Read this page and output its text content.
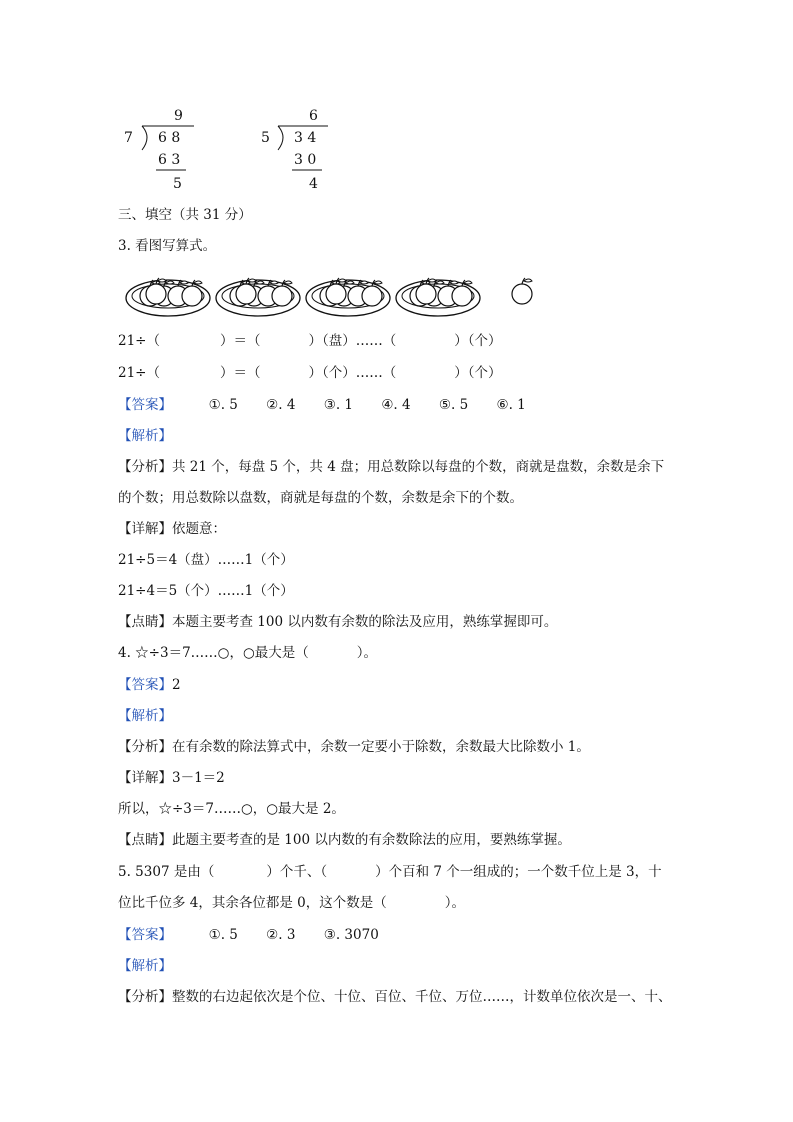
9
7 6 8
6 3
5
6
5 3 4
3 0
4
三、填空（共 31 分）
3. 看图写算式。
21÷（	）＝（	）（盘）……（	）（个）
21÷（	）＝（	）（个）……（	）（个）
【答案】	①. 5 ②. 4 ③. 1 ④. 4 ⑤. 5 ⑥. 1
【解析】
【分析】共 21 个，每盘 5 个，共 4 盘；用总数除以每盘的个数，商就是盘数，余数是余下
的个数；用总数除以盘数，商就是每盘的个数，余数是余下的个数。
【详解】依题意：
21÷5＝4（盘）……1（个）
21÷4＝5（个）……1（个）
【点睛】本题主要考查 100 以内数有余数的除法及应用，熟练掌握即可。
4. ☆÷3＝7……○，○最大是（	）。
【答案】2
【解析】
【分析】在有余数的除法算式中，余数一定要小于除数，余数最大比除数小 1。
【详解】3－1＝2
所以，☆÷3＝7……○，○最大是 2。
【点睛】此题主要考查的是 100 以内数的有余数除法的应用，要熟练掌握。
5. 5307 是由（	）个千、（	）个百和 7 个一组成的；一个数千位上是 3，十
位比千位多 4，其余各位都是 0，这个数是（	）。
【答案】	①. 5 ②. 3 ③. 3070
【解析】
【分析】整数的右边起依次是个位、十位、百位、千位、万位……，计数单位依次是一、十、
